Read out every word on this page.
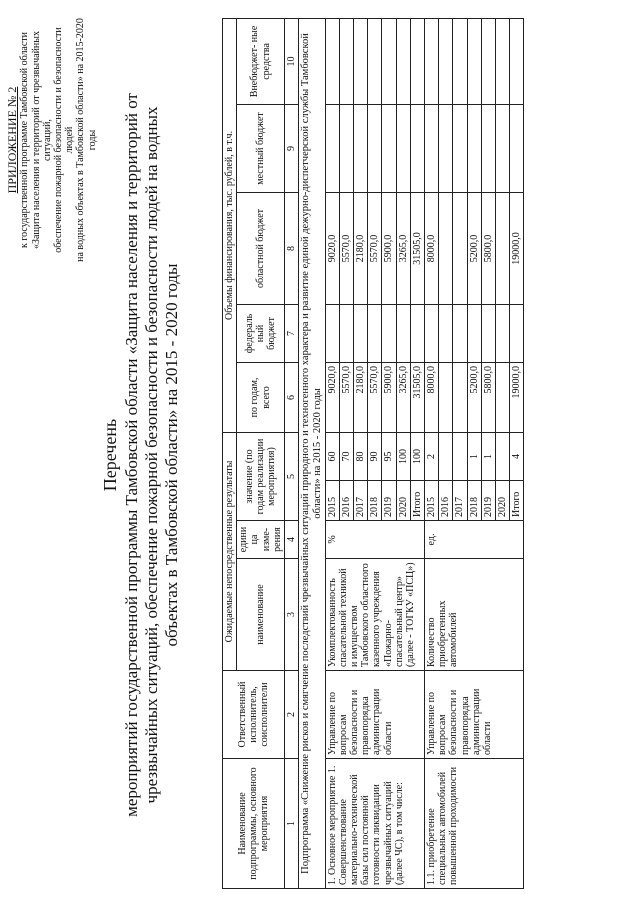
ПРИЛОЖЕНИЕ № 2 к государственной программе Тамбовской области «Защита населения и территорий от чрезвычайных ситуаций, обеспечение пожарной безопасности и безопасности людей на водных объектах в Тамбовской области» на 2015-2020 годы
Перечень мероприятий государственной программы Тамбовской области «Защита населения и территорий от чрезвычайных ситуаций, обеспечение пожарной безопасности и безопасности людей на водных объектах в Тамбовской области» на 2015 - 2020 годы
Наименование подпрограммы, основного мероприятия	Ответственный исполнитель, соисполнители	Ожидаемые непосредственные результаты				Объемы финансирования, тыс. рублей, в т.ч.				
		наименование	едини ца изме- рения	значение (по годам реализации мероприятия)		по годам, всего	федераль ный бюджет	областной бюджет	местный бюджет	Внебюджет- ные средства
1	2	3	4	5		6	7	8	9	10
Подпрограмма «Снижение рисков и смягчение последствий чрезвычайных ситуаций природного и техногенного характера и развитие единой дежурно-диспетчерской службы Тамбовской области» на 2015 - 2020 годы										
1. Основное мероприятие 1. Совершенствование материально-технической базы сил постоянной готовности ликвидации чрезвычайных ситуаций (далее ЧС), в том числе:	Управление по вопросам безопасности и правопорядка администрации области	Укомплектованность спасательной техникой и имуществом Тамбовского областного казенного учреждения «Пожарно-спасательный центр» (далее - ТОГКУ «ПСЦ»)	%	2015	60	9020,0		9020,0		
				2016	70	5570,0		5570,0		
				2017	80	2180,0		2180,0		
				2018	90	5570,0		5570,0		
				2019	95	5900,0		5900,0		
				2020	100	3265,0		3265,0		
				Итого	100	31505,0		31505,0		
1.1. приобретение специальных автомобилей повышенной проходимости	Управление по вопросам безопасности и правопорядка администрации области	Количество приобретенных автомобилей	ед.	2015	2	8000,0		8000,0		
				2016						
				2017						
				2018	1	5200,0		5200,0		
				2019	1	5800,0		5800,0		
				2020						
				Итого	4	19000,0		19000,0		
